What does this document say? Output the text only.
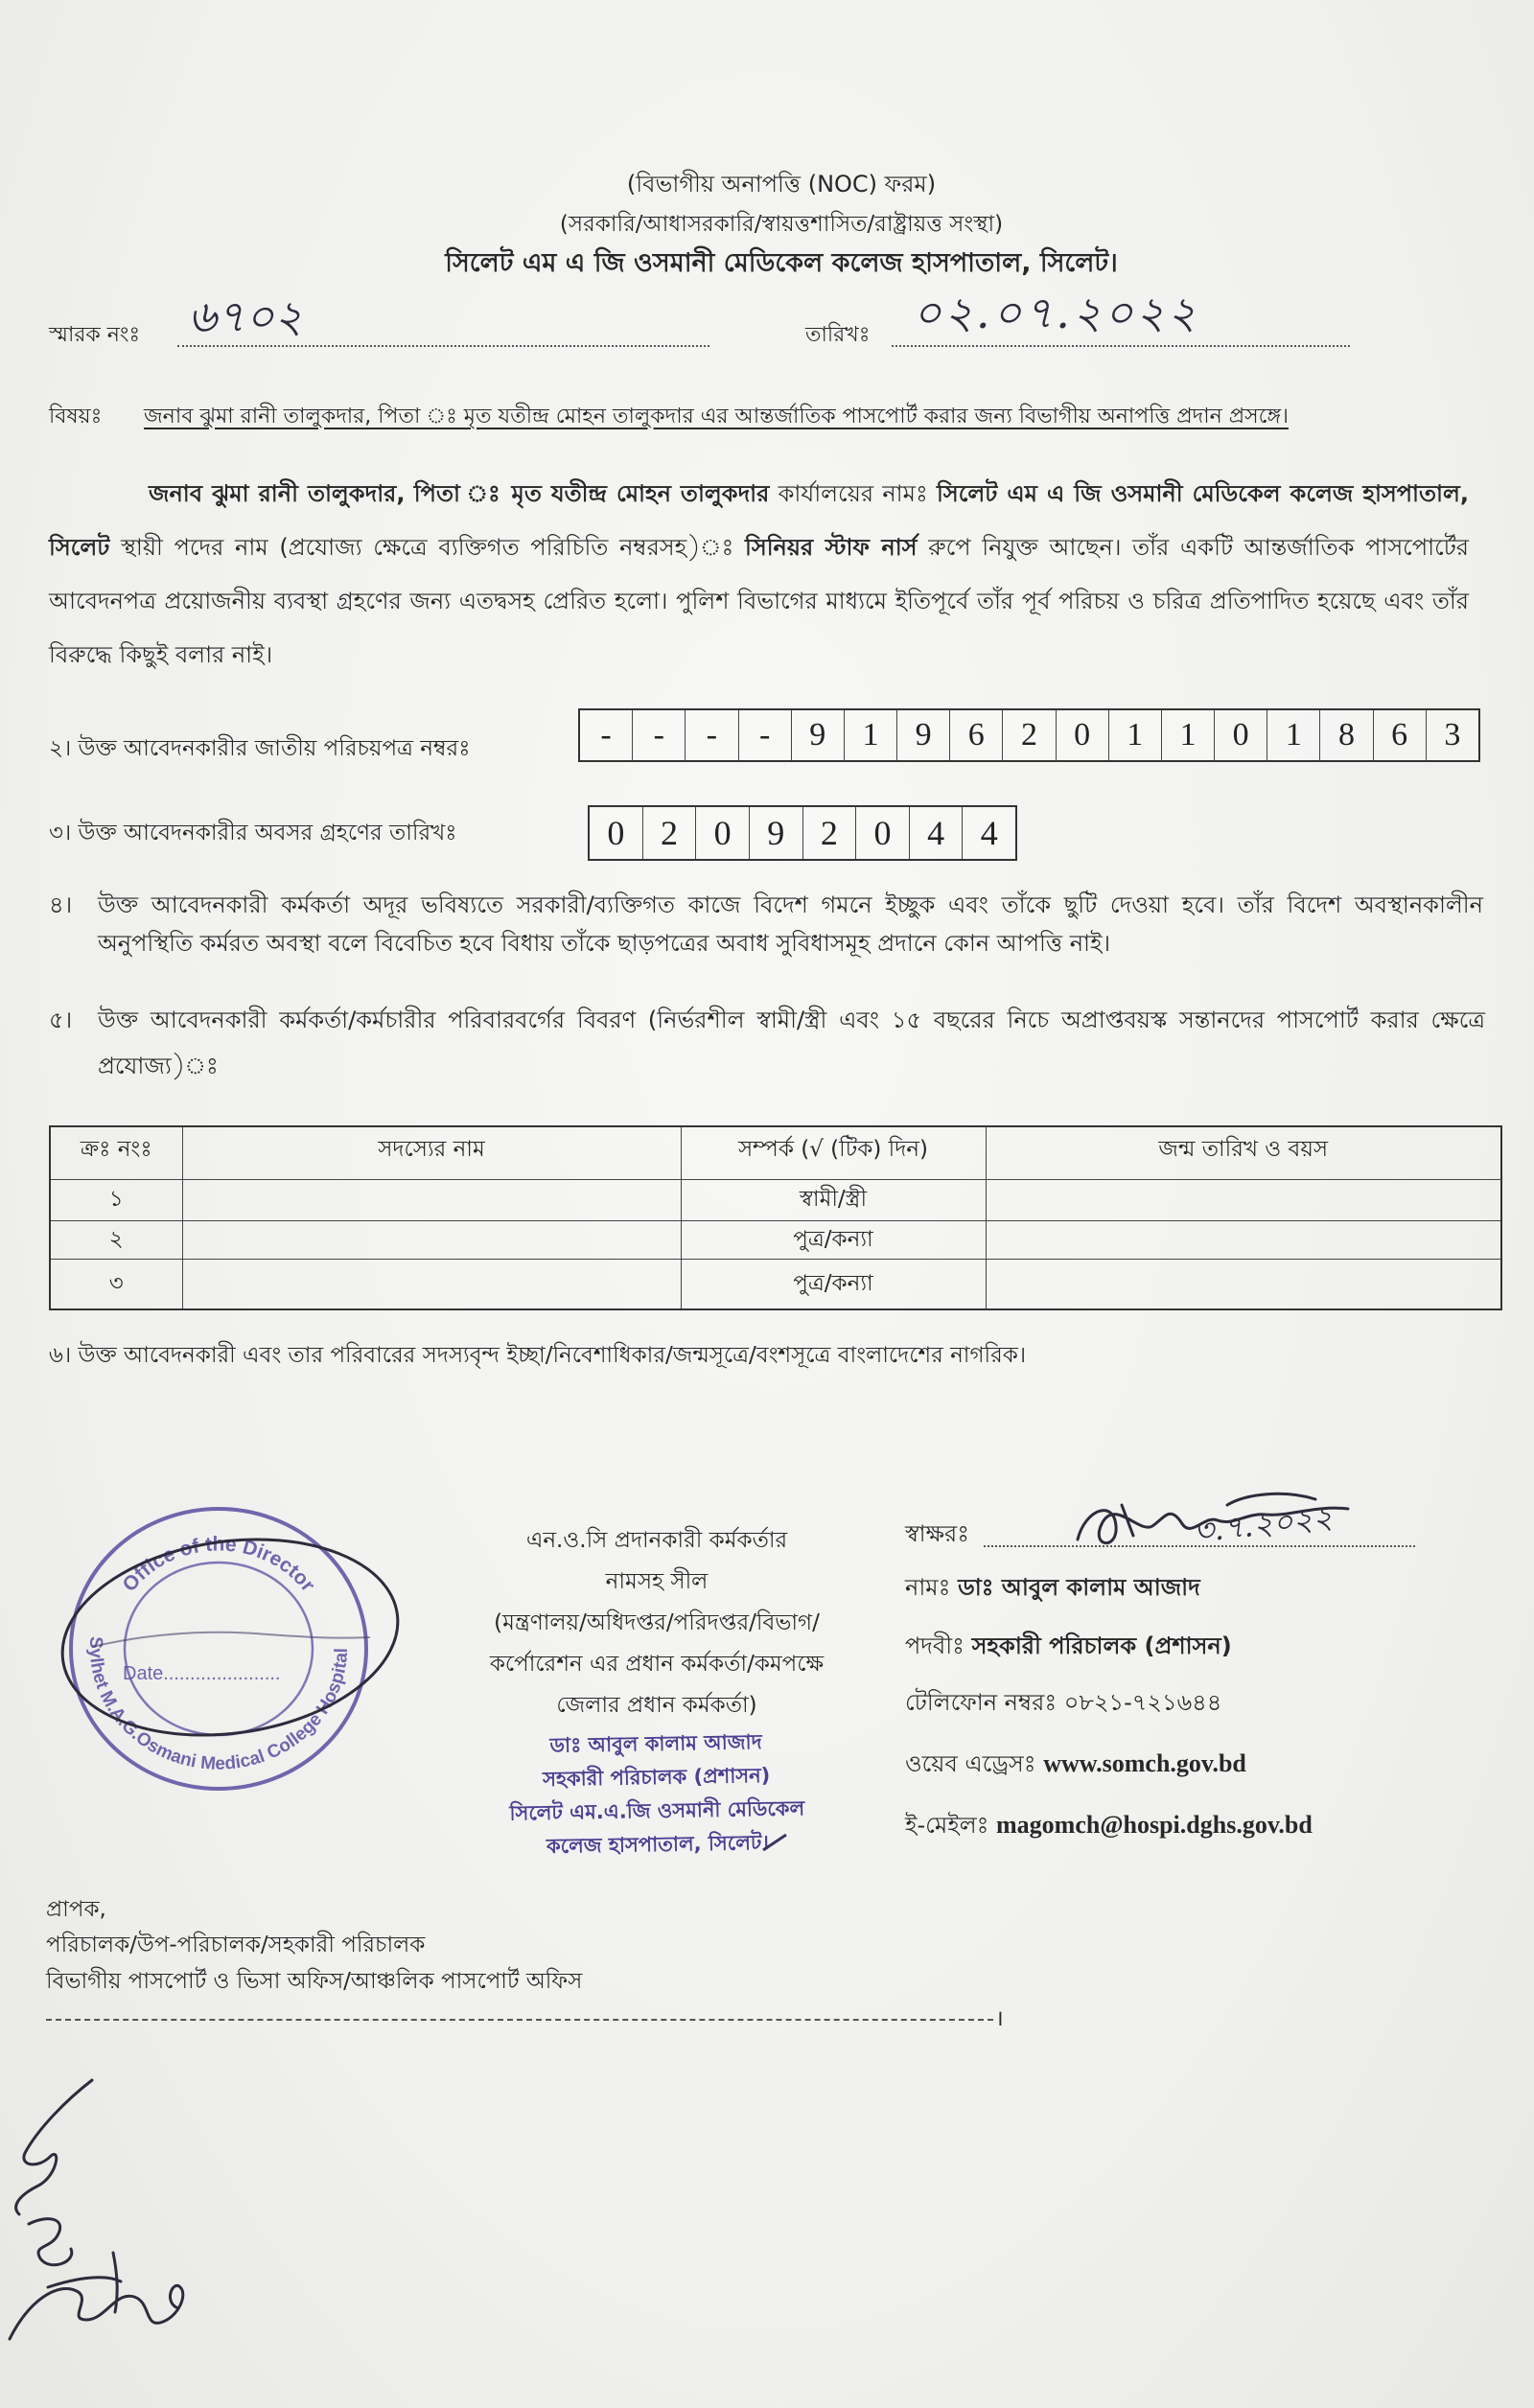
(বিভাগীয় অনাপত্তি (NOC) ফরম)
(সরকারি/আধাসরকারি/স্বায়ত্তশাসিত/রাষ্ট্রায়ত্ত সংস্থা)
সিলেট এম এ জি ওসমানী মেডিকেল কলেজ হাসপাতাল, সিলেট।
স্মারক নংঃ ৬৭০২	তারিখঃ ০২.০৭.২০২২
বিষয়ঃ জনাব ঝুমা রানী তালুকদার, পিতা ঃ মৃত যতীন্দ্র মোহন তালুকদার এর আন্তর্জাতিক পাসপোর্ট করার জন্য বিভাগীয় অনাপত্তি প্রদান প্রসঙ্গে।
জনাব ঝুমা রানী তালুকদার, পিতা ঃ মৃত যতীন্দ্র মোহন তালুকদার কার্যালয়ের নামঃ সিলেট এম এ জি ওসমানী মেডিকেল কলেজ হাসপাতাল, সিলেট স্থায়ী পদের নাম (প্রযোজ্য ক্ষেত্রে ব্যক্তিগত পরিচিতি নম্বরসহ)ঃ সিনিয়র স্টাফ নার্স রুপে নিযুক্ত আছেন। তাঁর একটি আন্তর্জাতিক পাসপোর্টের আবেদনপত্র প্রয়োজনীয় ব্যবস্থা গ্রহণের জন্য এতদ্বসহ প্রেরিত হলো। পুলিশ বিভাগের মাধ্যমে ইতিপূর্বে তাঁর পূর্ব পরিচয় ও চরিত্র প্রতিপাদিত হয়েছে এবং তাঁর বিরুদ্ধে কিছুই বলার নাই।
২। উক্ত আবেদনকারীর জাতীয় পরিচয়পত্র নম্বরঃ	-	-	-	-	9	1	9	6	2	0	1	1	0	1	8	6	3
৩। উক্ত আবেদনকারীর অবসর গ্রহণের তারিখঃ	0	2	0	9	2	0	4	4
৪। উক্ত আবেদনকারী কর্মকর্তা অদূর ভবিষ্যতে সরকারী/ব্যক্তিগত কাজে বিদেশ গমনে ইচ্ছুক এবং তাঁকে ছুটি দেওয়া হবে। তাঁর বিদেশ অবস্থানকালীন অনুপস্থিতি কর্মরত অবস্থা বলে বিবেচিত হবে বিধায় তাঁকে ছাড়পত্রের অবাধ সুবিধাসমূহ প্রদানে কোন আপত্তি নাই।
৫। উক্ত আবেদনকারী কর্মকর্তা/কর্মচারীর পরিবারবর্গের বিবরণ (নির্ভরশীল স্বামী/স্ত্রী এবং ১৫ বছরের নিচে অপ্রাপ্তবয়স্ক সন্তানদের পাসপোর্ট করার ক্ষেত্রে প্রযোজ্য)ঃ
ক্রঃ নংঃ	সদস্যের নাম	সম্পর্ক (√ (টিক) দিন)	জন্ম তারিখ ও বয়স
১		স্বামী/স্ত্রী	
২		পুত্র/কন্যা	
৩		পুত্র/কন্যা	
৬। উক্ত আবেদনকারী এবং তার পরিবারের সদস্যবৃন্দ ইচ্ছা/নিবেশাধিকার/জন্মসূত্রে/বংশসূত্রে বাংলাদেশের নাগরিক।
Office of the Director
Sylhet M.A.G.Osmani Medical College Hospital
Date......................
এন.ও.সি প্রদানকারী কর্মকর্তার
নামসহ সীল
(মন্ত্রণালয়/অধিদপ্তর/পরিদপ্তর/বিভাগ/
কর্পোরেশন এর প্রধান কর্মকর্তা/কমপক্ষে
জেলার প্রধান কর্মকর্তা)
ডাঃ আবুল কালাম আজাদ
সহকারী পরিচালক (প্রশাসন)
সিলেট এম.এ.জি ওসমানী মেডিকেল
কলেজ হাসপাতাল, সিলেট।
স্বাক্ষরঃ	৩.৭.২০২২
নামঃ ডাঃ আবুল কালাম আজাদ
পদবীঃ সহকারী পরিচালক (প্রশাসন)
টেলিফোন নম্বরঃ ০৮২১-৭২১৬৪৪
ওয়েব এড্রেসঃ www.somch.gov.bd
ই-মেইলঃ magomch@hospi.dghs.gov.bd
প্রাপক,
পরিচালক/উপ-পরিচালক/সহকারী পরিচালক
বিভাগীয় পাসপোর্ট ও ভিসা অফিস/আঞ্চলিক পাসপোর্ট অফিস
।
